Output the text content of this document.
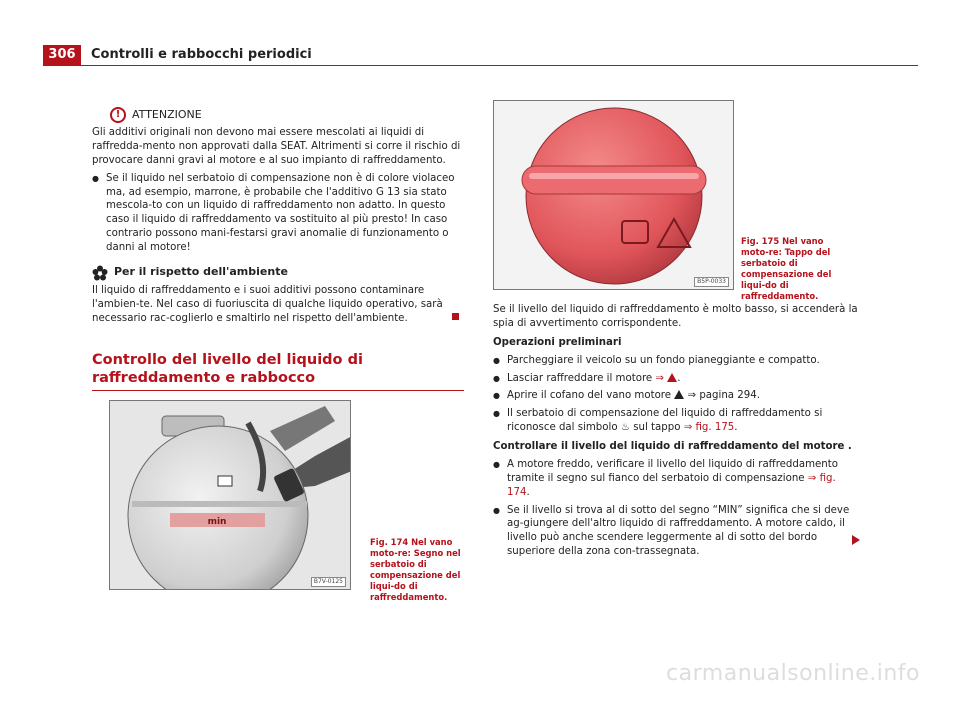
306	Controlli e rabbocchi periodici
!	ATTENZIONE

Gli additivi originali non devono mai essere mescolati ai liquidi di raffredda-mento non approvati dalla SEAT. Altrimenti si corre il rischio di provocare danni gravi al motore e al suo impianto di raffreddamento.

● Se il liquido nel serbatoio di compensazione non è di colore violaceo ma, ad esempio, marrone, è probabile che l'additivo G 13 sia stato mescola-to con un liquido di raffreddamento non adatto. In questo caso il liquido di raffreddamento va sostituito al più presto! In caso contrario possono mani-festarsi gravi anomalie di funzionamento o danni al motore!
Per il rispetto dell'ambiente

Il liquido di raffreddamento e i suoi additivi possono contaminare l'ambien-te. Nel caso di fuoriuscita di qualche liquido operativo, sarà necessario rac-coglierlo e smaltirlo nel rispetto dell'ambiente.

Controllo del livello del liquido di raffreddamento e rabbocco
min
B7V-0125
Fig. 174 Nel vano moto-re: Segno nel serbatoio di compensazione del liqui-do di raffreddamento.
B5P-0033
Fig. 175 Nel vano moto-re: Tappo del serbatoio di compensazione del liqui-do di raffreddamento.

Se il livello del liquido di raffreddamento è molto basso, si accenderà la spia di avvertimento corrispondente.

Operazioni preliminari
● Parcheggiare il veicolo su un fondo pianeggiante e compatto.
● Lasciar raffreddare il motore ⇒ .
● Aprire il cofano del vano motore ⇒ pagina 294.
● Il serbatoio di compensazione del liquido di raffreddamento si riconosce dal simbolo ♨ sul tappo ⇒ fig. 175.
Controllare il livello del liquido di raffreddamento del motore .
● A motore freddo, verificare il livello del liquido di raffreddamento tramite il segno sul fianco del serbatoio di compensazione ⇒ fig. 174.
● Se il livello si trova al di sotto del segno “MIN” significa che si deve ag-giungere dell'altro liquido di raffreddamento. A motore caldo, il livello può anche scendere leggermente al di sotto del bordo superiore della zona con-trassegnata.
carmanualsonline.info
